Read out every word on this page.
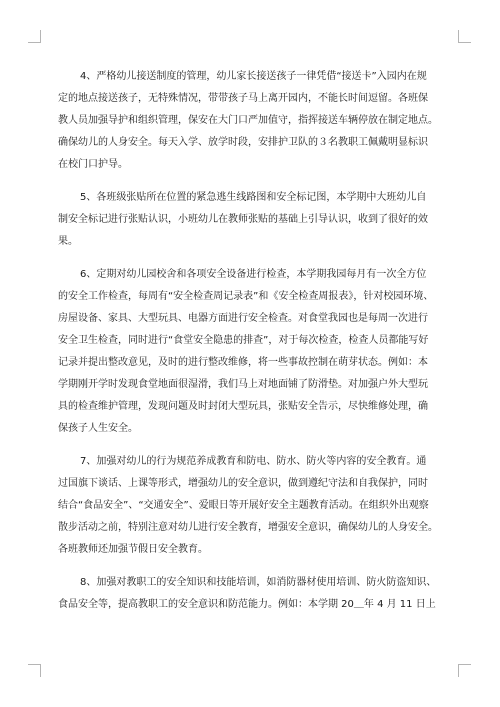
4、严格幼儿接送制度的管理，幼儿家长接送孩子一律凭借“接送卡”入园内在规
定的地点接送孩子，无特殊情况，带带孩子马上离开园内，不能长时间逗留。各班保
教人员加强导护和组织管理，保安在大门口严加值守，指挥接送车辆停放在制定地点。
确保幼儿的人身安全。每天入学、放学时段，安排护卫队的３名教职工佩戴明显标识
在校门口护导。

5、各班级张贴所在位置的紧急逃生线路图和安全标记图，本学期中大班幼儿自
制安全标记进行张贴认识，小班幼儿在教师张贴的基础上引导认识，收到了很好的效
果。

6、定期对幼儿园校舍和各项安全设备进行检查，本学期我园每月有一次全方位
的安全工作检查，每周有“安全检查周记录表”和《安全检查周报表》，针对校园环境、
房屋设备、家具、大型玩具、电器方面进行安全检查。对食堂我园也是每周一次进行
安全卫生检查，同时进行“食堂安全隐患的排查”，对于每次检查，检查人员都能写好
记录并提出整改意见，及时的进行整改维修，将一些事故控制在萌芽状态。例如：本
学期刚开学时发现食堂地面很湿滑，我们马上对地面铺了防滑垫。对加强户外大型玩
具的检查维护管理，发现问题及时封闭大型玩具，张贴安全告示，尽快维修处理，确
保孩子人生安全。

7、加强对幼儿的行为规范养成教育和防电、防水、防火等内容的安全教育。通
过国旗下谈话、上课等形式，增强幼儿的安全意识，做到遵纪守法和自我保护，同时
结合“食品安全”、“交通安全”、爱眼日等开展好安全主题教育活动。在组织外出观察
散步活动之前，特别注意对幼儿进行安全教育，增强安全意识，确保幼儿的人身安全。
各班教师还加强节假日安全教育。

8、加强对教职工的安全知识和技能培训，如消防器材使用培训、防火防盗知识、
食品安全等，提高教职工的安全意识和防范能力。例如：本学期 20＿年 4 月 11 日上
